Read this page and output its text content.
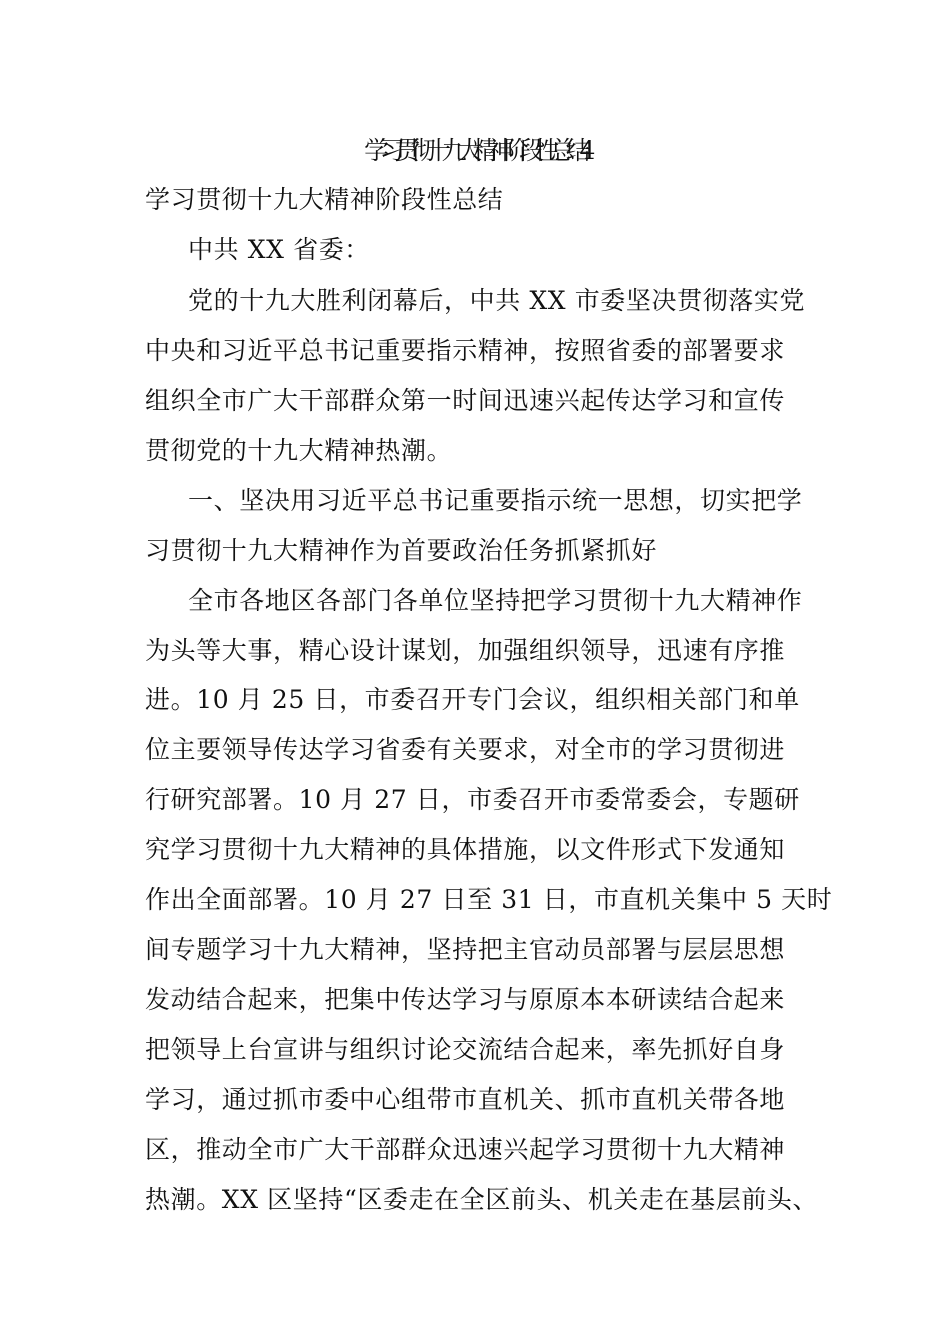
学习贯彻十九大精神阶段性总结 4
学习贯彻十九大精神阶段性总结
中共 XX 省委：
党的十九大胜利闭幕后，中共 XX 市委坚决贯彻落实党
中央和习近平总书记重要指示精神，按照省委的部署要求
组织全市广大干部群众第一时间迅速兴起传达学习和宣传
贯彻党的十九大精神热潮。
一、坚决用习近平总书记重要指示统一思想，切实把学
习贯彻十九大精神作为首要政治任务抓紧抓好
全市各地区各部门各单位坚持把学习贯彻十九大精神作
为头等大事，精心设计谋划，加强组织领导，迅速有序推
进。10 月 25 日，市委召开专门会议，组织相关部门和单
位主要领导传达学习省委有关要求，对全市的学习贯彻进
行研究部署。10 月 27 日，市委召开市委常委会，专题研
究学习贯彻十九大精神的具体措施，以文件形式下发通知
作出全面部署。10 月 27 日至 31 日，市直机关集中 5 天时
间专题学习十九大精神，坚持把主官动员部署与层层思想
发动结合起来，把集中传达学习与原原本本研读结合起来
把领导上台宣讲与组织讨论交流结合起来，率先抓好自身
学习，通过抓市委中心组带市直机关、抓市直机关带各地
区，推动全市广大干部群众迅速兴起学习贯彻十九大精神
热潮。XX 区坚持“区委走在全区前头、机关走在基层前头、
